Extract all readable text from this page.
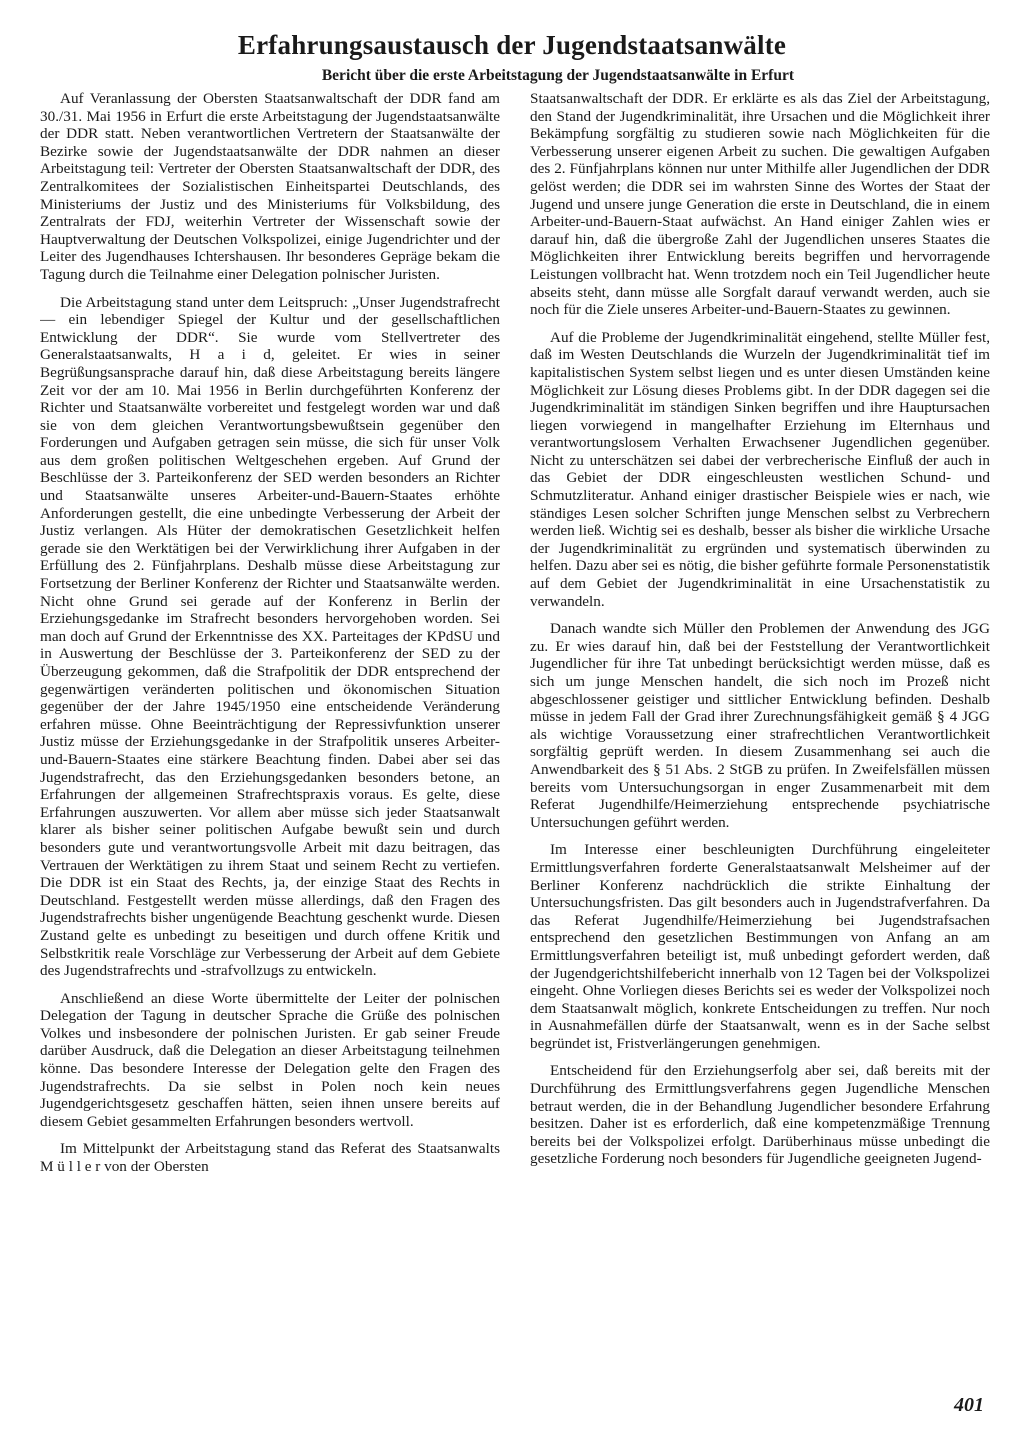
Erfahrungsaustausch der Jugendstaatsanwälte
Bericht über die erste Arbeitstagung der Jugendstaatsanwälte in Erfurt

Auf Veranlassung der Obersten Staatsanwaltschaft der DDR fand am 30./31. Mai 1956 in Erfurt die erste Arbeitstagung der Jugendstaatsanwälte der DDR statt. Neben verantwortlichen Vertretern der Staatsanwälte der Bezirke sowie der Jugendstaatsanwälte der DDR nahmen an dieser Arbeitstagung teil: Vertreter der Obersten Staatsanwaltschaft der DDR, des Zentralkomitees der Sozialistischen Einheitspartei Deutschlands, des Ministeriums der Justiz und des Ministeriums für Volksbildung, des Zentralrats der FDJ, weiterhin Vertreter der Wissenschaft sowie der Hauptverwaltung der Deutschen Volkspolizei, einige Jugendrichter und der Leiter des Jugendhauses Ichtershausen. Ihr besonderes Gepräge bekam die Tagung durch die Teilnahme einer Delegation polnischer Juristen.

Die Arbeitstagung stand unter dem Leitspruch: „Unser Jugendstrafrecht — ein lebendiger Spiegel der Kultur und der gesellschaftlichen Entwicklung der DDR“. Sie wurde vom Stellvertreter des Generalstaatsanwalts, H a i d, geleitet. Er wies in seiner Begrüßungsansprache darauf hin, daß diese Arbeitstagung bereits längere Zeit vor der am 10. Mai 1956 in Berlin durchgeführten Konferenz der Richter und Staatsanwälte vorbereitet und festgelegt worden war und daß sie von dem gleichen Verantwortungsbewußtsein gegenüber den Forderungen und Aufgaben getragen sein müsse, die sich für unser Volk aus dem großen politischen Weltgeschehen ergeben. Auf Grund der Beschlüsse der 3. Parteikonferenz der SED werden besonders an Richter und Staatsanwälte unseres Arbeiter-und-Bauern-Staates erhöhte Anforderungen gestellt, die eine unbedingte Verbesserung der Arbeit der Justiz verlangen. Als Hüter der demokratischen Gesetzlichkeit helfen gerade sie den Werktätigen bei der Verwirklichung ihrer Aufgaben in der Erfüllung des 2. Fünfjahrplans. Deshalb müsse diese Arbeitstagung zur Fortsetzung der Berliner Konferenz der Richter und Staatsanwälte werden. Nicht ohne Grund sei gerade auf der Konferenz in Berlin der Erziehungsgedanke im Strafrecht besonders hervorgehoben worden. Sei man doch auf Grund der Erkenntnisse des XX. Parteitages der KPdSU und in Auswertung der Beschlüsse der 3. Parteikonferenz der SED zu der Überzeugung gekommen, daß die Strafpolitik der DDR entsprechend der gegenwärtigen veränderten politischen und ökonomischen Situation gegenüber der der Jahre 1945/1950 eine entscheidende Veränderung erfahren müsse. Ohne Beeinträchtigung der Repressivfunktion unserer Justiz müsse der Erziehungsgedanke in der Strafpolitik unseres Arbeiter-und-Bauern-Staates eine stärkere Beachtung finden. Dabei aber sei das Jugendstrafrecht, das den Erziehungsgedanken besonders betone, an Erfahrungen der allgemeinen Strafrechtspraxis voraus. Es gelte, diese Erfahrungen auszuwerten. Vor allem aber müsse sich jeder Staatsanwalt klarer als bisher seiner politischen Aufgabe bewußt sein und durch besonders gute und verantwortungsvolle Arbeit mit dazu beitragen, das Vertrauen der Werktätigen zu ihrem Staat und seinem Recht zu vertiefen. Die DDR ist ein Staat des Rechts, ja, der einzige Staat des Rechts in Deutschland. Festgestellt werden müsse allerdings, daß den Fragen des Jugendstrafrechts bisher ungenügende Beachtung geschenkt wurde. Diesen Zustand gelte es unbedingt zu beseitigen und durch offene Kritik und Selbstkritik reale Vorschläge zur Verbesserung der Arbeit auf dem Gebiete des Jugendstrafrechts und -strafvollzugs zu entwickeln.

Anschließend an diese Worte übermittelte der Leiter der polnischen Delegation der Tagung in deutscher Sprache die Grüße des polnischen Volkes und insbesondere der polnischen Juristen. Er gab seiner Freude darüber Ausdruck, daß die Delegation an dieser Arbeitstagung teilnehmen könne. Das besondere Interesse der Delegation gelte den Fragen des Jugendstrafrechts. Da sie selbst in Polen noch kein neues Jugendgerichtsgesetz geschaffen hätten, seien ihnen unsere bereits auf diesem Gebiet gesammelten Erfahrungen besonders wertvoll.

Im Mittelpunkt der Arbeitstagung stand das Referat des Staatsanwalts M ü l l e r von der Obersten

Staatsanwaltschaft der DDR. Er erklärte es als das Ziel der Arbeitstagung, den Stand der Jugendkriminalität, ihre Ursachen und die Möglichkeit ihrer Bekämpfung sorgfältig zu studieren sowie nach Möglichkeiten für die Verbesserung unserer eigenen Arbeit zu suchen. Die gewaltigen Aufgaben des 2. Fünfjahrplans können nur unter Mithilfe aller Jugendlichen der DDR gelöst werden; die DDR sei im wahrsten Sinne des Wortes der Staat der Jugend und unsere junge Generation die erste in Deutschland, die in einem Arbeiter-und-Bauern-Staat aufwächst. An Hand einiger Zahlen wies er darauf hin, daß die übergroße Zahl der Jugendlichen unseres Staates die Möglichkeiten ihrer Entwicklung bereits begriffen und hervorragende Leistungen vollbracht hat. Wenn trotzdem noch ein Teil Jugendlicher heute abseits steht, dann müsse alle Sorgfalt darauf verwandt werden, auch sie noch für die Ziele unseres Arbeiter-und-Bauern-Staates zu gewinnen.

Auf die Probleme der Jugendkriminalität eingehend, stellte Müller fest, daß im Westen Deutschlands die Wurzeln der Jugendkriminalität tief im kapitalistischen System selbst liegen und es unter diesen Umständen keine Möglichkeit zur Lösung dieses Problems gibt. In der DDR dagegen sei die Jugendkriminalität im ständigen Sinken begriffen und ihre Hauptursachen liegen vorwiegend in mangelhafter Erziehung im Elternhaus und verantwortungslosem Verhalten Erwachsener Jugendlichen gegenüber. Nicht zu unterschätzen sei dabei der verbrecherische Einfluß der auch in das Gebiet der DDR eingeschleusten westlichen Schund- und Schmutzliteratur. Anhand einiger drastischer Beispiele wies er nach, wie ständiges Lesen solcher Schriften junge Menschen selbst zu Verbrechern werden ließ. Wichtig sei es deshalb, besser als bisher die wirkliche Ursache der Jugendkriminalität zu ergründen und systematisch überwinden zu helfen. Dazu aber sei es nötig, die bisher geführte formale Personenstatistik auf dem Gebiet der Jugendkriminalität in eine Ursachenstatistik zu verwandeln.

Danach wandte sich Müller den Problemen der Anwendung des JGG zu. Er wies darauf hin, daß bei der Feststellung der Verantwortlichkeit Jugendlicher für ihre Tat unbedingt berücksichtigt werden müsse, daß es sich um junge Menschen handelt, die sich noch im Prozeß nicht abgeschlossener geistiger und sittlicher Entwicklung befinden. Deshalb müsse in jedem Fall der Grad ihrer Zurechnungsfähigkeit gemäß § 4 JGG als wichtige Voraussetzung einer strafrechtlichen Verantwortlichkeit sorgfältig geprüft werden. In diesem Zusammenhang sei auch die Anwendbarkeit des § 51 Abs. 2 StGB zu prüfen. In Zweifelsfällen müssen bereits vom Untersuchungsorgan in enger Zusammenarbeit mit dem Referat Jugendhilfe/Heimerziehung entsprechende psychiatrische Untersuchungen geführt werden.

Im Interesse einer beschleunigten Durchführung eingeleiteter Ermittlungsverfahren forderte Generalstaatsanwalt Melsheimer auf der Berliner Konferenz nachdrücklich die strikte Einhaltung der Untersuchungsfristen. Das gilt besonders auch in Jugendstrafverfahren. Da das Referat Jugendhilfe/Heimerziehung bei Jugendstrafsachen entsprechend den gesetzlichen Bestimmungen von Anfang an am Ermittlungsverfahren beteiligt ist, muß unbedingt gefordert werden, daß der Jugendgerichtshilfebericht innerhalb von 12 Tagen bei der Volkspolizei eingeht. Ohne Vorliegen dieses Berichts sei es weder der Volkspolizei noch dem Staatsanwalt möglich, konkrete Entscheidungen zu treffen. Nur noch in Ausnahmefällen dürfe der Staatsanwalt, wenn es in der Sache selbst begründet ist, Fristverlängerungen genehmigen.

Entscheidend für den Erziehungserfolg aber sei, daß bereits mit der Durchführung des Ermittlungsverfahrens gegen Jugendliche Menschen betraut werden, die in der Behandlung Jugendlicher besondere Erfahrung besitzen. Daher ist es erforderlich, daß eine kompetenzmäßige Trennung bereits bei der Volkspolizei erfolgt. Darüberhinaus müsse unbedingt die gesetzliche Forderung noch besonders für Jugendliche geeigneten Jugend-

401
